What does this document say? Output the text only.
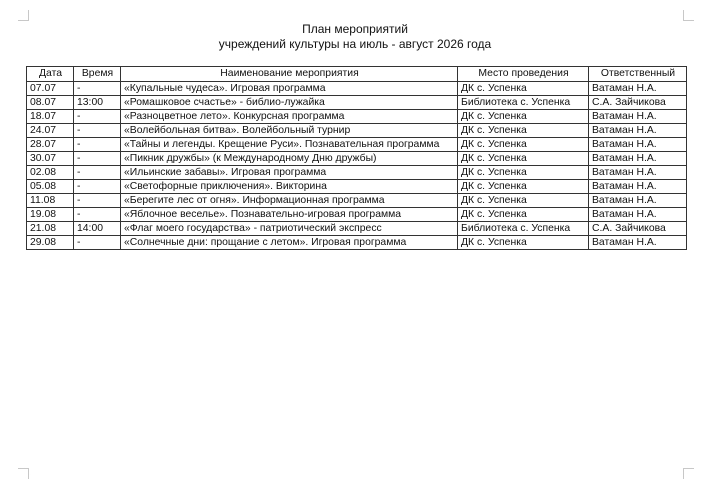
План мероприятий
учреждений культуры на июль - август 2026 года
Дата	Время	Наименование мероприятия	Место проведения	Ответственный
07.07	-	«Купальные чудеса». Игровая программа	ДК с. Успенка	Ватаман Н.А.
08.07	13:00	«Ромашковое счастье» - библио-лужайка	Библиотека с. Успенка	С.А. Зайчикова
18.07	-	«Разноцветное лето». Конкурсная программа	ДК с. Успенка	Ватаман Н.А.
24.07	-	«Волейбольная битва». Волейбольный турнир	ДК с. Успенка	Ватаман Н.А.
28.07	-	«Тайны и легенды. Крещение Руси». Познавательная программа	ДК с. Успенка	Ватаман Н.А.
30.07	-	«Пикник дружбы» (к Международному Дню дружбы)	ДК с. Успенка	Ватаман Н.А.
02.08	-	«Ильинские забавы». Игровая программа	ДК с. Успенка	Ватаман Н.А.
05.08	-	«Светофорные приключения». Викторина	ДК с. Успенка	Ватаман Н.А.
11.08	-	«Берегите лес от огня». Информационная программа	ДК с. Успенка	Ватаман Н.А.
19.08	-	«Яблочное веселье». Познавательно-игровая программа	ДК с. Успенка	Ватаман Н.А.
21.08	14:00	«Флаг моего государства» - патриотический экспресс	Библиотека с. Успенка	С.А. Зайчикова
29.08	-	«Солнечные дни: прощание с летом». Игровая программа	ДК с. Успенка	Ватаман Н.А.
